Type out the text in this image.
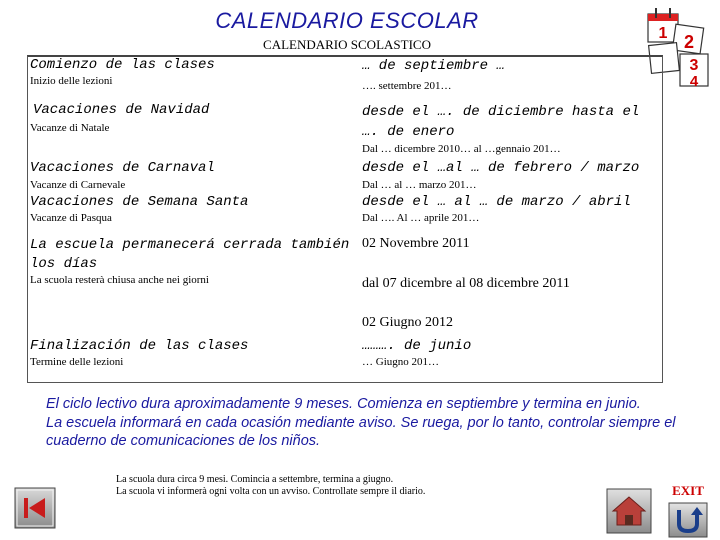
CALENDARIO ESCOLAR
CALENDARIO SCOLASTICO
1 2
3
4
Comienzo de las clases
Inizio delle lezioni
… de septiembre …
…. settembre 201…
Vacaciones de Navidad
Vacanze di Natale
desde el …. de diciembre hasta el …. de enero
Dal … dicembre 2010… al …gennaio 201…
Vacaciones de Carnaval
Vacanze di Carnevale
desde el …al … de febrero / marzo
Dal … al … marzo 201…
Vacaciones de Semana Santa
Vacanze di Pasqua
desde el … al … de marzo / abril
Dal …. Al … aprile 201…
La escuela permanecerá cerrada también los días
La scuola resterà chiusa anche nei giorni
02 Novembre 2011
dal 07 dicembre al 08 dicembre 2011
02 Giugno 2012
Finalización de las clases
Termine delle lezioni
………. de junio
… Giugno 201…
El ciclo lectivo dura aproximadamente 9 meses. Comienza en septiembre y termina en junio.
La escuela informará en cada ocasión mediante aviso. Se ruega, por lo tanto, controlar siempre el cuaderno de comunicaciones de los niños.
La scuola dura circa 9 mesi. Comincia a settembre, termina a giugno.
La scuola vi informerà ogni volta con un avviso. Controllate sempre il diario.	EXIT
